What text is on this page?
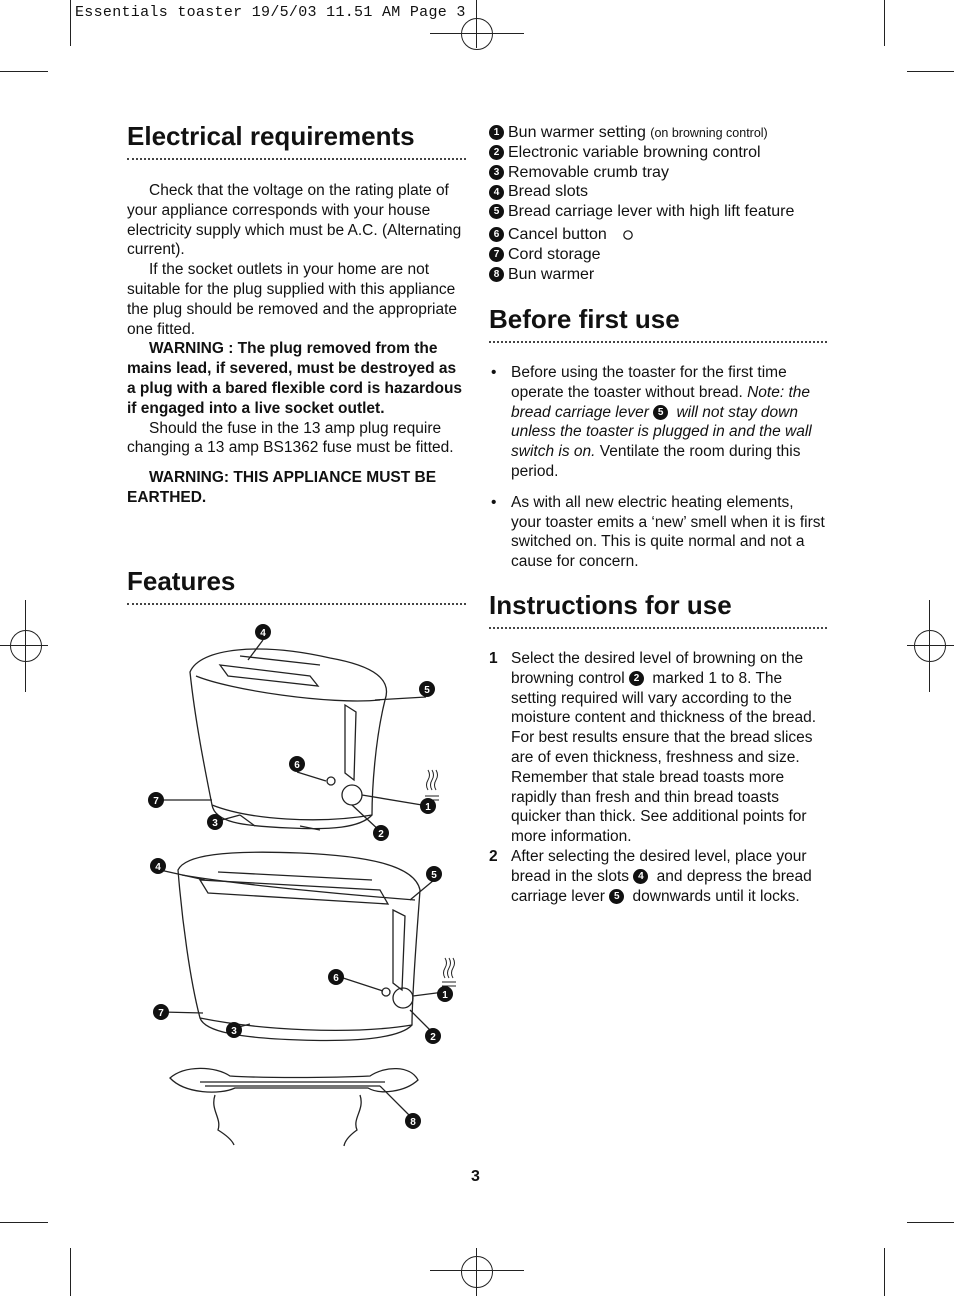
Essentials toaster 19/5/03 11.51 AM Page 3
Electrical requirements

Check that the voltage on the rating plate of your appliance corresponds with your house electricity supply which must be A.C. (Alternating current).

If the socket outlets in your home are not suitable for the plug supplied with this appliance the plug should be removed and the appropriate one fitted.

WARNING : The plug removed from the mains lead, if severed, must be destroyed as a plug with a bared flexible cord is hazardous if engaged into a live socket outlet.

Should the fuse in the 13 amp plug require changing a 13 amp BS1362 fuse must be fitted.

WARNING: THIS APPLIANCE MUST BE EARTHED.

Features
4
5
6
1
7
3
2
4
5
6
1
7
3
2
8
1 Bun warmer setting (on browning control)
2 Electronic variable browning control
3 Removable crumb tray
4 Bread slots
5 Bread carriage lever with high lift feature
6 Cancel button
7 Cord storage
8 Bun warmer
Before first use

• Before using the toaster for the first time operate the toaster without bread. Note: the bread carriage lever 5 will not stay down unless the toaster is plugged in and the wall switch is on. Ventilate the room during this period.

• As with all new electric heating elements, your toaster emits a ‘new’ smell when it is first switched on. This is quite normal and not a cause for concern.

Instructions for use

1 Select the desired level of browning on the browning control 2 marked 1 to 8. The setting required will vary according to the moisture content and thickness of the bread. For best results ensure that the bread slices are of even thickness, freshness and size. Remember that stale bread toasts more rapidly than fresh and thin bread toasts quicker than thick. See additional points for more information.

2 After selecting the desired level, place your bread in the slots 4 and depress the bread carriage lever 5 downwards until it locks.

3
